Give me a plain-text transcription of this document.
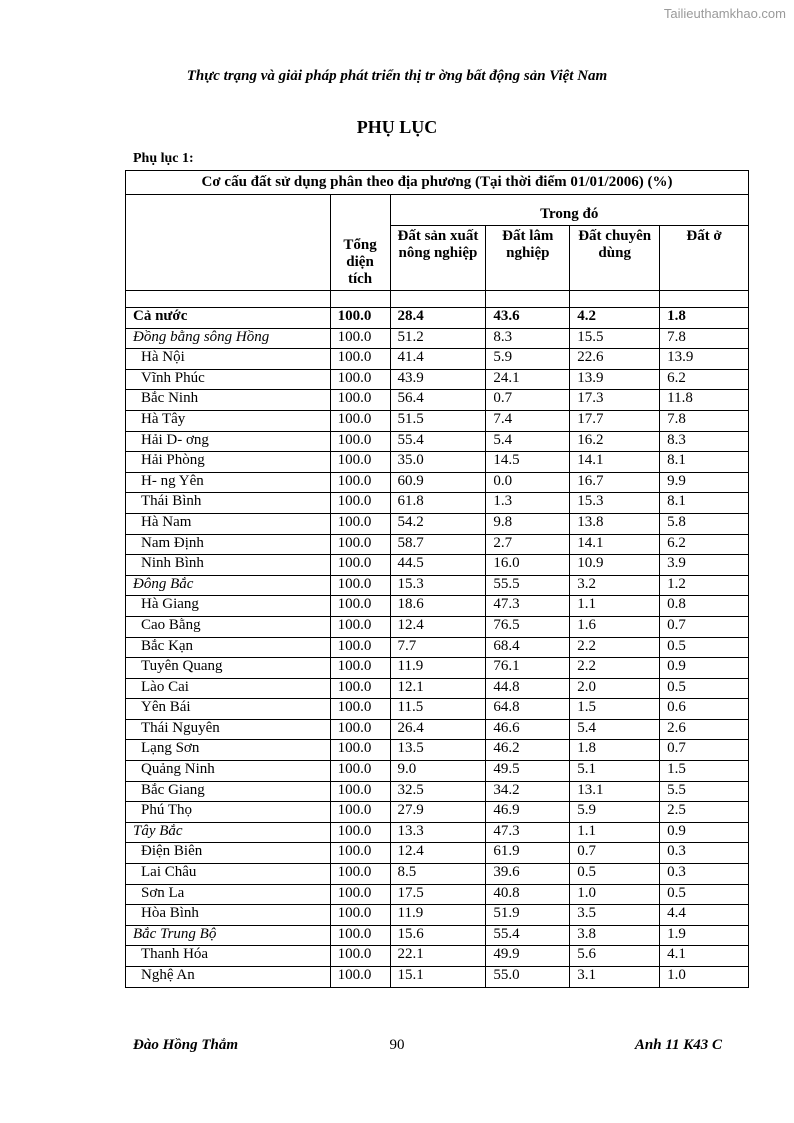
Tailieuthamkhao.com
Thực trạng và giải pháp phát triển thị tr ờng bất động sản Việt Nam
PHỤ LỤC
Phụ lục 1:
Cơ cấu đất sử dụng phân theo địa phương (Tại thời điểm 01/01/2006) (%)					
	Tổng diện tích	Trong đó			
		Đất sản xuất nông nghiệp	Đất lâm nghiệp	Đất chuyên dùng	Đất ở

Cả nước	100.0	28.4	43.6	4.2	1.8
Đồng bằng sông Hồng	100.0	51.2	8.3	15.5	7.8
Hà Nội	100.0	41.4	5.9	22.6	13.9
Vĩnh Phúc	100.0	43.9	24.1	13.9	6.2
Bắc Ninh	100.0	56.4	0.7	17.3	11.8
Hà Tây	100.0	51.5	7.4	17.7	7.8
Hải D- ơng	100.0	55.4	5.4	16.2	8.3
Hải Phòng	100.0	35.0	14.5	14.1	8.1
H- ng Yên	100.0	60.9	0.0	16.7	9.9
Thái Bình	100.0	61.8	1.3	15.3	8.1
Hà Nam	100.0	54.2	9.8	13.8	5.8
Nam Định	100.0	58.7	2.7	14.1	6.2
Ninh Bình	100.0	44.5	16.0	10.9	3.9
Đông Bắc	100.0	15.3	55.5	3.2	1.2
Hà Giang	100.0	18.6	47.3	1.1	0.8
Cao Bằng	100.0	12.4	76.5	1.6	0.7
Bắc Kạn	100.0	7.7	68.4	2.2	0.5
Tuyên Quang	100.0	11.9	76.1	2.2	0.9
Lào Cai	100.0	12.1	44.8	2.0	0.5
Yên Bái	100.0	11.5	64.8	1.5	0.6
Thái Nguyên	100.0	26.4	46.6	5.4	2.6
Lạng Sơn	100.0	13.5	46.2	1.8	0.7
Quảng Ninh	100.0	9.0	49.5	5.1	1.5
Bắc Giang	100.0	32.5	34.2	13.1	5.5
Phú Thọ	100.0	27.9	46.9	5.9	2.5
Tây Bắc	100.0	13.3	47.3	1.1	0.9
Điện Biên	100.0	12.4	61.9	0.7	0.3
Lai Châu	100.0	8.5	39.6	0.5	0.3
Sơn La	100.0	17.5	40.8	1.0	0.5
Hòa Bình	100.0	11.9	51.9	3.5	4.4
Bắc Trung Bộ	100.0	15.6	55.4	3.8	1.9
Thanh Hóa	100.0	22.1	49.9	5.6	4.1
Nghệ An	100.0	15.1	55.0	3.1	1.0
Đào Hồng Thắm	90	Anh 11 K43 C
